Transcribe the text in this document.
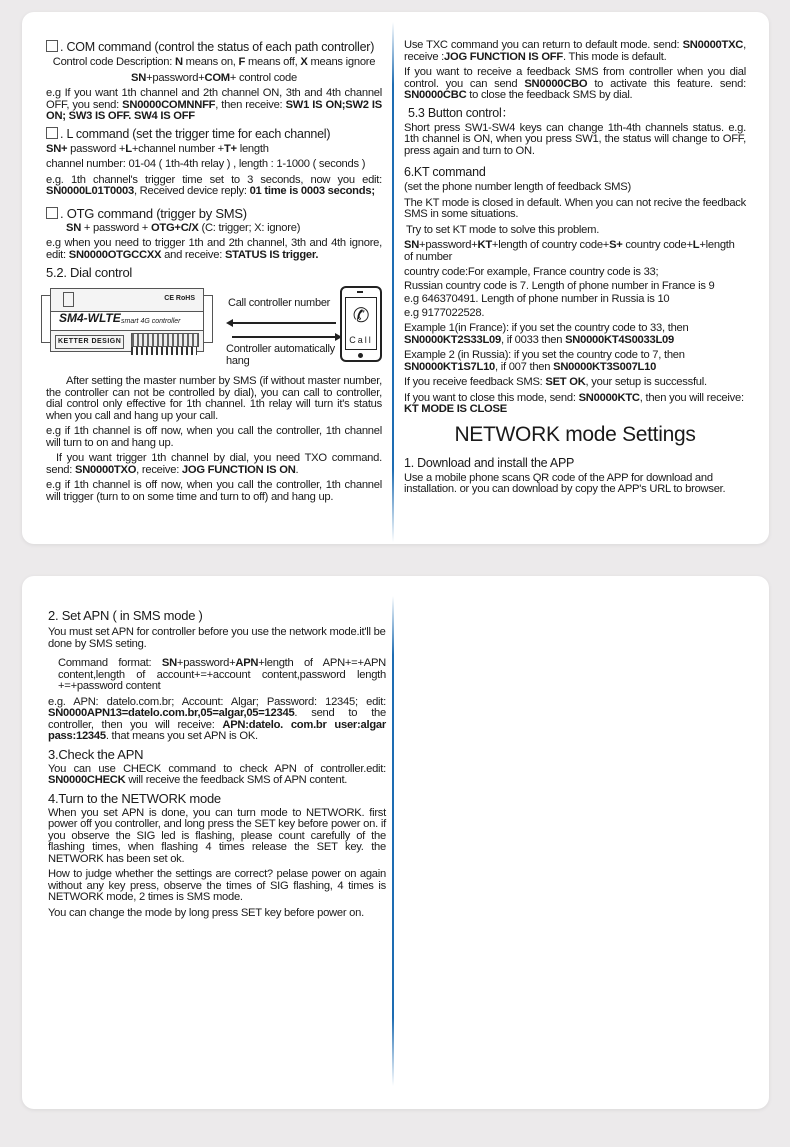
. COM command (control the status of each path controller)

Control code Description: N means on, F means off, X means ignore

SN+password+COM+ control code

e.g If you want 1th channel and 2th channel ON, 3th and 4th channel OFF, you send: SN0000COMNNFF, then receive: SW1 IS ON;SW2 IS ON; SW3 IS OFF. SW4 IS OFF

. L command (set the trigger time for each channel)

SN+ password +L+channel number +T+ length

channel number: 01-04 ( 1th-4th relay ) , length : 1-1000 ( seconds )

e.g. 1th channel's trigger time set to 3 seconds, now you edit: SN0000L01T0003, Received device reply: 01 time is 0003 seconds;

. OTG command (trigger by SMS)

SN + password + OTG+C/X (C: trigger; X: ignore)

e.g when you need to trigger 1th and 2th channel, 3th and 4th ignore, edit: SN0000OTGCCXX and receive: STATUS IS trigger.

5.2. Dial control

CE RoHS
SM4-WLTE smart 4G controller
KETTER DESIGN
Call controller number
Controller automatically hang
✆
Call

After setting the master number by SMS (if without master number, the controller can not be controlled by dial), you can call to controller, dial control only effective for 1th channel. 1th relay will turn it's status when you call and hang up your call.

e.g if 1th channel is off now, when you call the controller, 1th channel will turn to on and hang up.

If you want trigger 1th channel by dial, you need TXO command. send: SN0000TXO, receive: JOG FUNCTION IS ON.

e.g if 1th channel is off now, when you call the controller, 1th channel will trigger (turn to on some time and turn to off) and hang up.

Use TXC command you can return to default mode. send: SN0000TXC, receive :JOG FUNCTION IS OFF. This mode is default.

If you want to receive a feedback SMS from controller when you dial control. you can send SN0000CBO to activate this feature. send: SN0000CBC to close the feedback SMS by dial.

5.3 Button control：

Short press SW1-SW4 keys can change 1th-4th channels status. e.g. 1th channel is ON, when you press SW1, the status will change to OFF, press again and turn to ON.

6.KT command

(set the phone number length of feedback SMS)

The KT mode is closed in default. When you can not recive the feedback SMS in some situations.

Try to set KT mode to solve this problem.

SN+password+KT+length of country code+S+ country code+L+length of number

country code:For example, France country code is 33;

Russian country code is 7. Length of phone number in France is 9

e.g 646370491. Length of phone number in Russia is 10

e.g 9177022528.

Example 1(in France): if you set the country code to 33, then SN0000KT2S33L09, if 0033 then SN0000KT4S0033L09

Example 2 (in Russia): if you set the country code to 7, then SN0000KT1S7L10, if 007 then SN0000KT3S007L10

If you receive feedback SMS: SET OK, your setup is successful.

If you want to close this mode, send: SN0000KTC, then you will receive: KT MODE IS CLOSE

NETWORK mode Settings

1. Download and install the APP

Use a mobile phone scans QR code of the APP for download and installation. or you can download by copy the APP's URL to browser.

2. Set APN ( in SMS mode )

You must set APN for controller before you use the network mode.it'll be done by SMS seting.

Command format: SN+password+APN+length of APN+=+APN content,length of account+=+account content,password length +=+password content

e.g. APN: datelo.com.br; Account: Algar; Password: 12345; edit: SN0000APN13=datelo.com.br,05=algar,05=12345. send to the controller, then you will receive: APN:datelo. com.br user:algar pass:12345. that means you set APN is OK.

3.Check the APN

You can use CHECK command to check APN of controller.edit: SN0000CHECK will receive the feedback SMS of APN content.

4.Turn to the NETWORK mode

When you set APN is done, you can turn mode to NETWORK. first power off you controller, and long press the SET key before power on. if you observe the SIG led is flashing, please count carefully of the flashing times, when flashing 4 times release the SET key. the NETWORK has been set ok.

How to judge whether the settings are correct? pelase power on again without any key press, observe the times of SIG flashing, 4 times is NETWORK mode, 2 times is SMS mode.

You can change the mode by long press SET key before power on.
